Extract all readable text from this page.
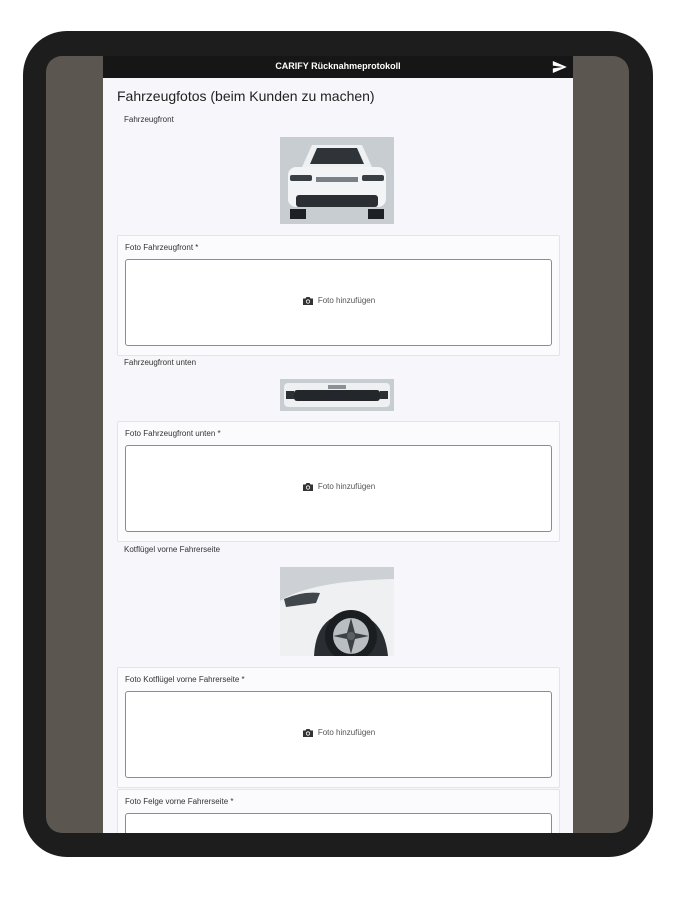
CARIFY Rücknahmeprotokoll
Fahrzeugfotos (beim Kunden zu machen)
Fahrzeugfront
Foto Fahrzeugfront *
Foto hinzufügen
Fahrzeugfront unten
Foto Fahrzeugfront unten *
Foto hinzufügen
Kotflügel vorne Fahrerseite
Foto Kotflügel vorne Fahrerseite *
Foto hinzufügen
Foto Felge vorne Fahrerseite *
